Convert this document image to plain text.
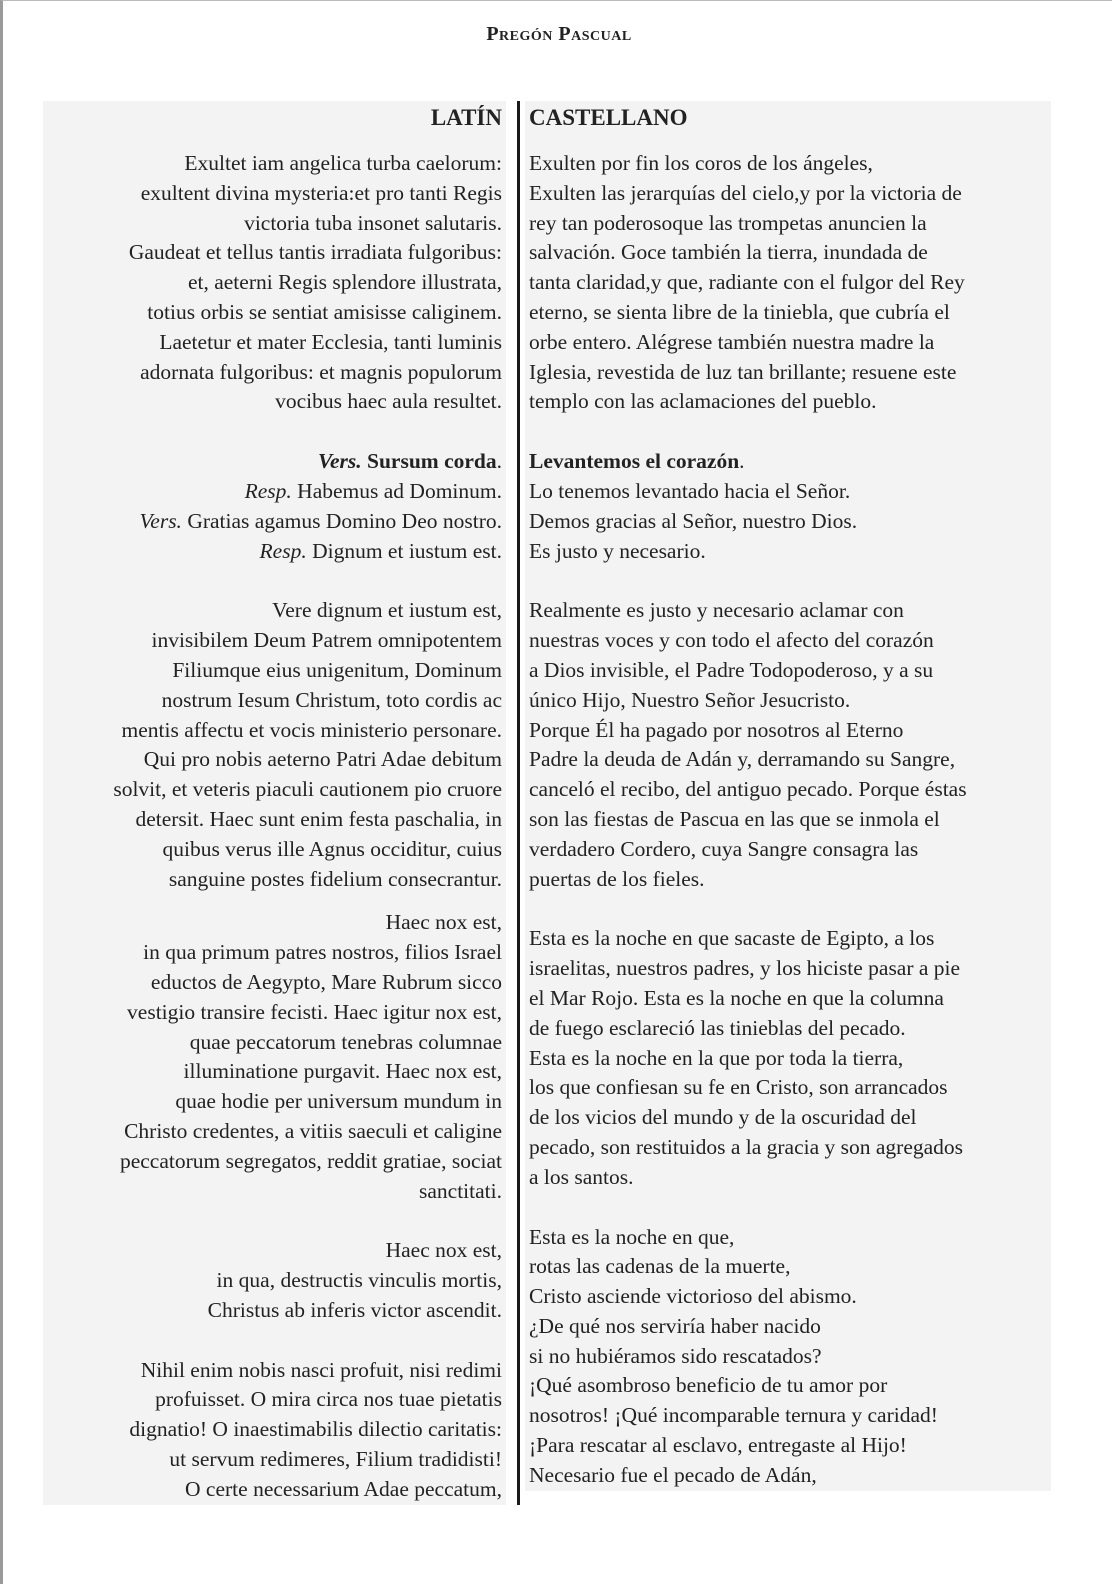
Pregón Pascual
LATÍN
Exultet iam angelica turba caelorum:
exultent divina mysteria:et pro tanti Regis
victoria tuba insonet salutaris.
Gaudeat et tellus tantis irradiata fulgoribus:
et, aeterni Regis splendore illustrata,
totius orbis se sentiat amisisse caliginem.
Laetetur et mater Ecclesia, tanti luminis
adornata fulgoribus: et magnis populorum
vocibus haec aula resultet.
Vers. Sursum corda.
Resp. Habemus ad Dominum.
Vers. Gratias agamus Domino Deo nostro.
Resp. Dignum et iustum est.
Vere dignum et iustum est,
invisibilem Deum Patrem omnipotentem
Filiumque eius unigenitum, Dominum
nostrum Iesum Christum, toto cordis ac
mentis affectu et vocis ministerio personare.
Qui pro nobis aeterno Patri Adae debitum
solvit, et veteris piaculi cautionem pio cruore
detersit. Haec sunt enim festa paschalia, in
quibus verus ille Agnus occiditur, cuius
sanguine postes fidelium consecrantur.
Haec nox est,
in qua primum patres nostros, filios Israel
eductos de Aegypto, Mare Rubrum sicco
vestigio transire fecisti. Haec igitur nox est,
quae peccatorum tenebras columnae
illuminatione purgavit. Haec nox est,
quae hodie per universum mundum in
Christo credentes, a vitiis saeculi et caligine
peccatorum segregatos, reddit gratiae, sociat
sanctitati.
Haec nox est,
in qua, destructis vinculis mortis,
Christus ab inferis victor ascendit.
Nihil enim nobis nasci profuit, nisi redimi
profuisset. O mira circa nos tuae pietatis
dignatio! O inaestimabilis dilectio caritatis:
ut servum redimeres, Filium tradidisti!
O certe necessarium Adae peccatum,
CASTELLANO
Exulten por fin los coros de los ángeles,
Exulten las jerarquías del cielo,y por la victoria de
rey tan poderosoque las trompetas anuncien la
salvación. Goce también la tierra, inundada de
tanta claridad,y que, radiante con el fulgor del Rey
eterno, se sienta libre de la tiniebla, que cubría el
orbe entero. Alégrese también nuestra madre la
Iglesia, revestida de luz tan brillante; resuene este
templo con las aclamaciones del pueblo.
Levantemos el corazón.
Lo tenemos levantado hacia el Señor.
Demos gracias al Señor, nuestro Dios.
Es justo y necesario.
Realmente es justo y necesario aclamar con
nuestras voces y con todo el afecto del corazón
a Dios invisible, el Padre Todopoderoso, y a su
único Hijo, Nuestro Señor Jesucristo.
Porque Él ha pagado por nosotros al Eterno
Padre la deuda de Adán y, derramando su Sangre,
canceló el recibo, del antiguo pecado. Porque éstas
son las fiestas de Pascua en las que se inmola el
verdadero Cordero, cuya Sangre consagra las
puertas de los fieles.
Esta es la noche en que sacaste de Egipto, a los
israelitas, nuestros padres, y los hiciste pasar a pie
el Mar Rojo. Esta es la noche en que la columna
de fuego esclareció las tinieblas del pecado.
Esta es la noche en la que por toda la tierra,
los que confiesan su fe en Cristo, son arrancados
de los vicios del mundo y de la oscuridad del
pecado, son restituidos a la gracia y son agregados
a los santos.
Esta es la noche en que,
rotas las cadenas de la muerte,
Cristo asciende victorioso del abismo.
¿De qué nos serviría haber nacido
si no hubiéramos sido rescatados?
¡Qué asombroso beneficio de tu amor por
nosotros! ¡Qué incomparable ternura y caridad!
¡Para rescatar al esclavo, entregaste al Hijo!
Necesario fue el pecado de Adán,
